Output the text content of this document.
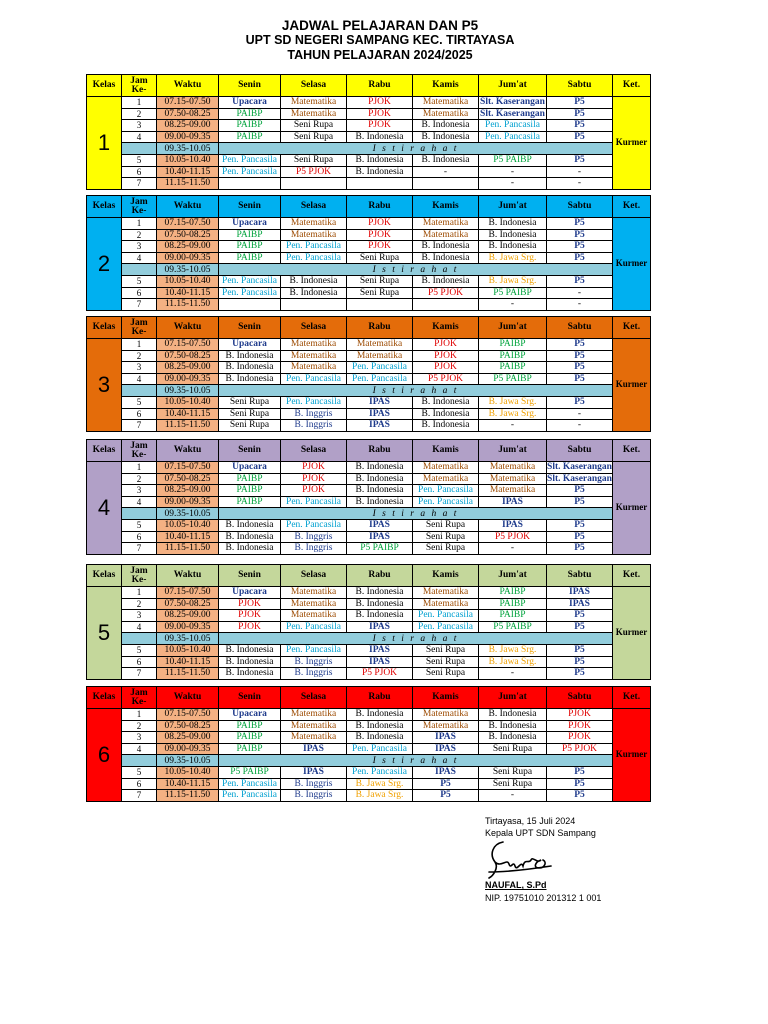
JADWAL PELAJARAN DAN P5
UPT SD NEGERI SAMPANG KEC. TIRTAYASA
TAHUN PELAJARAN 2024/2025
Kelas	Jam Ke-	Waktu	Senin	Selasa	Rabu	Kamis	Jum'at	Sabtu	Ket.
1	1	07.15-07.50	Upacara	Matematika	PJOK	Matematika	Slt. Kaserangan	P5	Kurmer
	2	07.50-08.25	PAIBP	Matematika	PJOK	Matematika	Slt. Kaserangan	P5	
	3	08.25-09.00	PAIBP	Seni Rupa	PJOK	B. Indonesia	Pen. Pancasila	P5	
	4	09.00-09.35	PAIBP	Seni Rupa	B. Indonesia	B. Indonesia	Pen. Pancasila	P5	
		09.35-10.05	I s t i r a h a t						
	5	10.05-10.40	Pen. Pancasila	Seni Rupa	B. Indonesia	B. Indonesia	P5 PAIBP	P5	
	6	10.40-11.15	Pen. Pancasila	P5 PJOK	B. Indonesia	-	-	-	
	7	11.15-11.50					-	-	
Kelas	Jam Ke-	Waktu	Senin	Selasa	Rabu	Kamis	Jum'at	Sabtu	Ket.
2	1	07.15-07.50	Upacara	Matematika	PJOK	Matematika	B. Indonesia	P5	Kurmer
	2	07.50-08.25	PAIBP	Matematika	PJOK	Matematika	B. Indonesia	P5	
	3	08.25-09.00	PAIBP	Pen. Pancasila	PJOK	B. Indonesia	B. Indonesia	P5	
	4	09.00-09.35	PAIBP	Pen. Pancasila	Seni Rupa	B. Indonesia	B. Jawa Srg.	P5	
		09.35-10.05	I s t i r a h a t						
	5	10.05-10.40	Pen. Pancasila	B. Indonesia	Seni Rupa	B. Indonesia	B. Jawa Srg.	P5	
	6	10.40-11.15	Pen. Pancasila	B. Indonesia	Seni Rupa	P5 PJOK	P5 PAIBP	-	
	7	11.15-11.50					-	-	
Kelas	Jam Ke-	Waktu	Senin	Selasa	Rabu	Kamis	Jum'at	Sabtu	Ket.
3	1	07.15-07.50	Upacara	Matematika	Matematika	PJOK	PAIBP	P5	Kurmer
	2	07.50-08.25	B. Indonesia	Matematika	Matematika	PJOK	PAIBP	P5	
	3	08.25-09.00	B. Indonesia	Matematika	Pen. Pancasila	PJOK	PAIBP	P5	
	4	09.00-09.35	B. Indonesia	Pen. Pancasila	Pen. Pancasila	P5 PJOK	P5 PAIBP	P5	
		09.35-10.05	I s t i r a h a t						
	5	10.05-10.40	Seni Rupa	Pen. Pancasila	IPAS	B. Indonesia	B. Jawa Srg.	P5	
	6	10.40-11.15	Seni Rupa	B. Inggris	IPAS	B. Indonesia	B. Jawa Srg.	-	
	7	11.15-11.50	Seni Rupa	B. Inggris	IPAS	B. Indonesia	-	-	
Kelas	Jam Ke-	Waktu	Senin	Selasa	Rabu	Kamis	Jum'at	Sabtu	Ket.
4	1	07.15-07.50	Upacara	PJOK	B. Indonesia	Matematika	Matematika	Slt. Kaserangan	Kurmer
	2	07.50-08.25	PAIBP	PJOK	B. Indonesia	Matematika	Matematika	Slt. Kaserangan	
	3	08.25-09.00	PAIBP	PJOK	B. Indonesia	Pen. Pancasila	Matematika	P5	
	4	09.00-09.35	PAIBP	Pen. Pancasila	B. Indonesia	Pen. Pancasila	IPAS	P5	
		09.35-10.05	I s t i r a h a t						
	5	10.05-10.40	B. Indonesia	Pen. Pancasila	IPAS	Seni Rupa	IPAS	P5	
	6	10.40-11.15	B. Indonesia	B. Inggris	IPAS	Seni Rupa	P5 PJOK	P5	
	7	11.15-11.50	B. Indonesia	B. Inggris	P5 PAIBP	Seni Rupa	-	P5	
Kelas	Jam Ke-	Waktu	Senin	Selasa	Rabu	Kamis	Jum'at	Sabtu	Ket.
5	1	07.15-07.50	Upacara	Matematika	B. Indonesia	Matematika	PAIBP	IPAS	Kurmer
	2	07.50-08.25	PJOK	Matematika	B. Indonesia	Matematika	PAIBP	IPAS	
	3	08.25-09.00	PJOK	Matematika	B. Indonesia	Pen. Pancasila	PAIBP	P5	
	4	09.00-09.35	PJOK	Pen. Pancasila	IPAS	Pen. Pancasila	P5 PAIBP	P5	
		09.35-10.05	I s t i r a h a t						
	5	10.05-10.40	B. Indonesia	Pen. Pancasila	IPAS	Seni Rupa	B. Jawa Srg.	P5	
	6	10.40-11.15	B. Indonesia	B. Inggris	IPAS	Seni Rupa	B. Jawa Srg.	P5	
	7	11.15-11.50	B. Indonesia	B. Inggris	P5 PJOK	Seni Rupa	-	P5	
Kelas	Jam Ke-	Waktu	Senin	Selasa	Rabu	Kamis	Jum'at	Sabtu	Ket.
6	1	07.15-07.50	Upacara	Matematika	B. Indonesia	Matematika	B. Indonesia	PJOK	Kurmer
	2	07.50-08.25	PAIBP	Matematika	B. Indonesia	Matematika	B. Indonesia	PJOK	
	3	08.25-09.00	PAIBP	Matematika	B. Indonesia	IPAS	B. Indonesia	PJOK	
	4	09.00-09.35	PAIBP	IPAS	Pen. Pancasila	IPAS	Seni Rupa	P5 PJOK	
		09.35-10.05	I s t i r a h a t						
	5	10.05-10.40	P5 PAIBP	IPAS	Pen. Pancasila	IPAS	Seni Rupa	P5	
	6	10.40-11.15	Pen. Pancasila	B. Inggris	B. Jawa Srg.	P5	Seni Rupa	P5	
	7	11.15-11.50	Pen. Pancasila	B. Inggris	B. Jawa Srg.	P5	-	P5	
Tirtayasa, 15 Juli 2024
Kepala UPT SDN Sampang
NAUFAL, S.Pd
NIP. 19751010 201312 1 001
